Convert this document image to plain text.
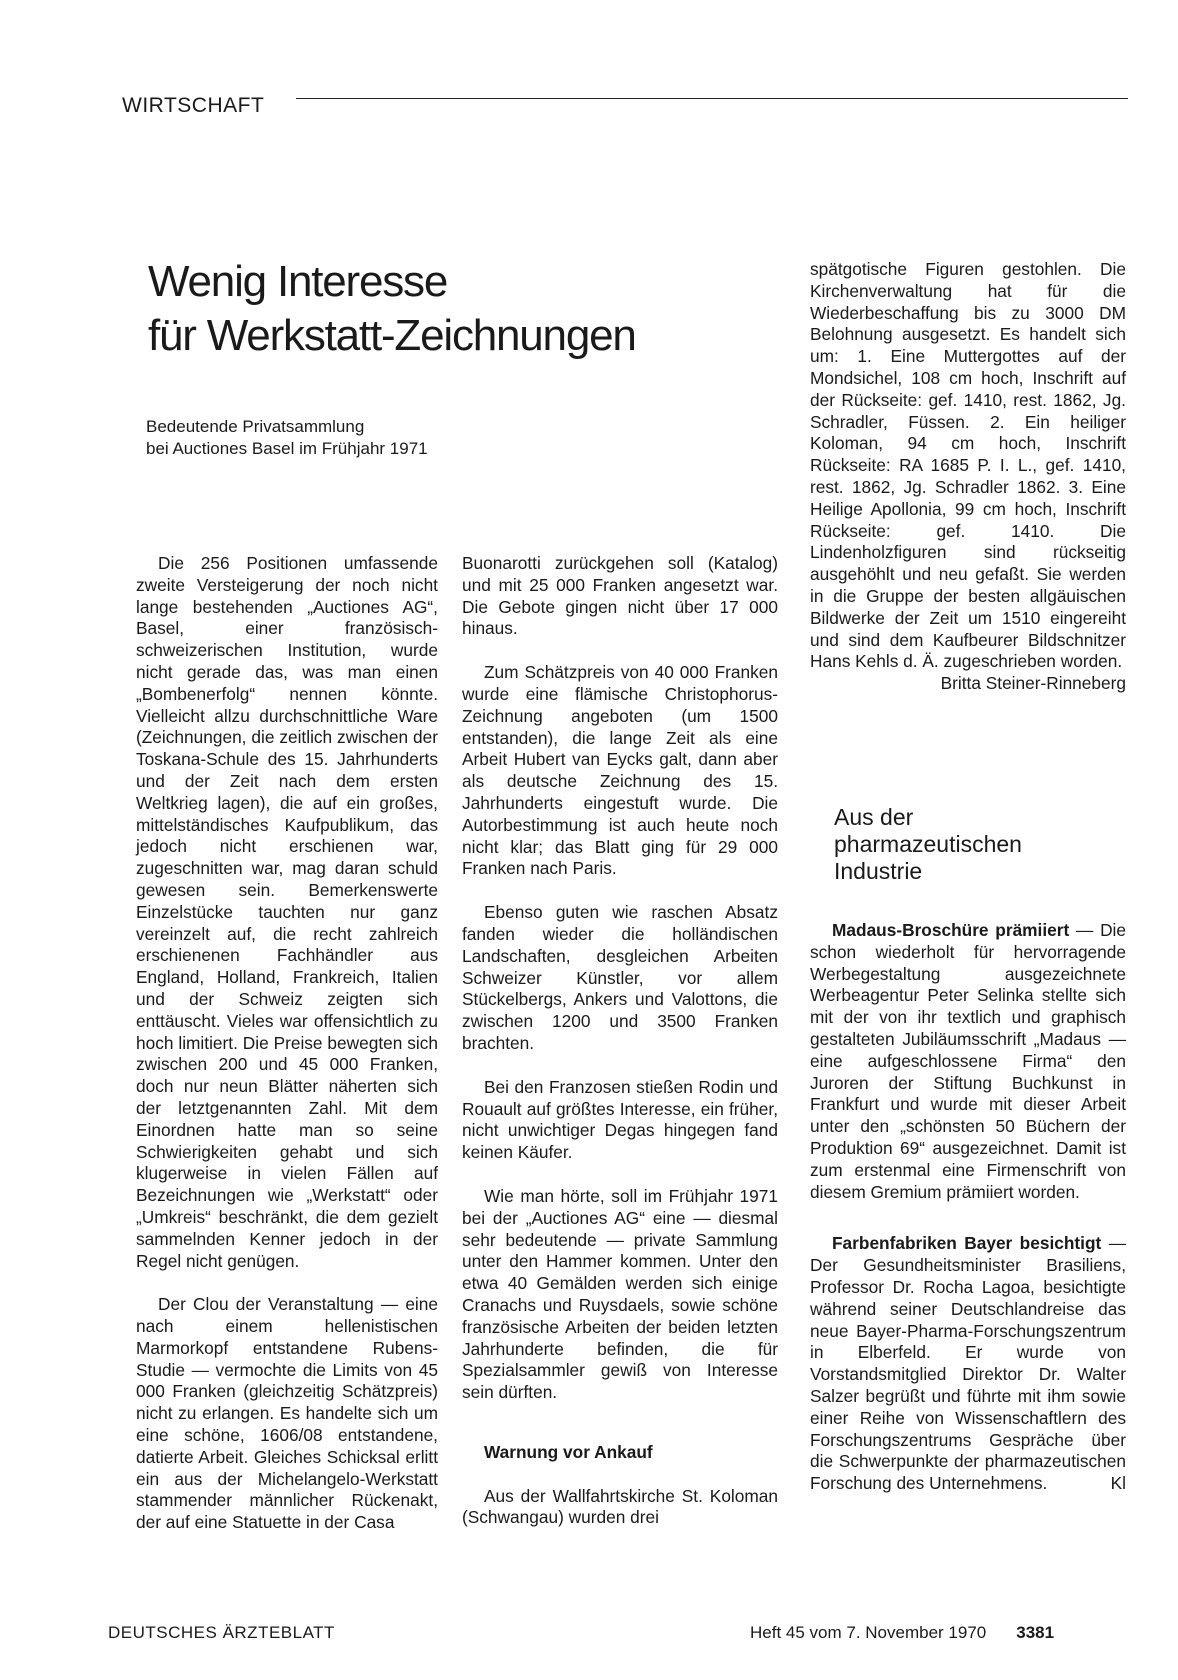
WIRTSCHAFT
Wenig Interesse
für Werkstatt-Zeichnungen
Bedeutende Privatsammlung
bei Auctiones Basel im Frühjahr 1971

Die 256 Positionen umfassende zweite Versteigerung der noch nicht lange bestehenden „Auctiones AG“, Basel, einer französisch-schweizerischen Institution, wurde nicht gerade das, was man einen „Bombenerfolg“ nennen könnte. Vielleicht allzu durchschnittliche Ware (Zeichnungen, die zeitlich zwischen der Toskana-Schule des 15. Jahrhunderts und der Zeit nach dem ersten Weltkrieg lagen), die auf ein großes, mittelständisches Kaufpublikum, das jedoch nicht erschienen war, zugeschnitten war, mag daran schuld gewesen sein. Bemerkenswerte Einzelstücke tauchten nur ganz vereinzelt auf, die recht zahlreich erschienenen Fachhändler aus England, Holland, Frankreich, Italien und der Schweiz zeigten sich enttäuscht. Vieles war offensichtlich zu hoch limitiert. Die Preise bewegten sich zwischen 200 und 45 000 Franken, doch nur neun Blätter näherten sich der letztgenannten Zahl. Mit dem Einordnen hatte man so seine Schwierigkeiten gehabt und sich klugerweise in vielen Fällen auf Bezeichnungen wie „Werkstatt“ oder „Umkreis“ beschränkt, die dem gezielt sammelnden Kenner jedoch in der Regel nicht genügen.

Der Clou der Veranstaltung — eine nach einem hellenistischen Marmorkopf entstandene Rubens-Studie — vermochte die Limits von 45 000 Franken (gleichzeitig Schätzpreis) nicht zu erlangen. Es handelte sich um eine schöne, 1606/08 entstandene, datierte Arbeit. Gleiches Schicksal erlitt ein aus der Michelangelo-Werkstatt stammender männlicher Rückenakt, der auf eine Statuette in der Casa

Buonarotti zurückgehen soll (Katalog) und mit 25 000 Franken angesetzt war. Die Gebote gingen nicht über 17 000 hinaus.

Zum Schätzpreis von 40 000 Franken wurde eine flämische Christophorus-Zeichnung angeboten (um 1500 entstanden), die lange Zeit als eine Arbeit Hubert van Eycks galt, dann aber als deutsche Zeichnung des 15. Jahrhunderts eingestuft wurde. Die Autorbestimmung ist auch heute noch nicht klar; das Blatt ging für 29 000 Franken nach Paris.

Ebenso guten wie raschen Absatz fanden wieder die holländischen Landschaften, desgleichen Arbeiten Schweizer Künstler, vor allem Stückelbergs, Ankers und Valottons, die zwischen 1200 und 3500 Franken brachten.

Bei den Franzosen stießen Rodin und Rouault auf größtes Interesse, ein früher, nicht unwichtiger Degas hingegen fand keinen Käufer.

Wie man hörte, soll im Frühjahr 1971 bei der „Auctiones AG“ eine — diesmal sehr bedeutende — private Sammlung unter den Hammer kommen. Unter den etwa 40 Gemälden werden sich einige Cranachs und Ruysdaels, sowie schöne französische Arbeiten der beiden letzten Jahrhunderte befinden, die für Spezialsammler gewiß von Interesse sein dürften.

Warnung vor Ankauf

Aus der Wallfahrtskirche St. Koloman (Schwangau) wurden drei

spätgotische Figuren gestohlen. Die Kirchenverwaltung hat für die Wiederbeschaffung bis zu 3000 DM Belohnung ausgesetzt. Es handelt sich um: 1. Eine Muttergottes auf der Mondsichel, 108 cm hoch, Inschrift auf der Rückseite: gef. 1410, rest. 1862, Jg. Schradler, Füssen. 2. Ein heiliger Koloman, 94 cm hoch, Inschrift Rückseite: RA 1685 P. I. L., gef. 1410, rest. 1862, Jg. Schradler 1862. 3. Eine Heilige Apollonia, 99 cm hoch, Inschrift Rückseite: gef. 1410. Die Lindenholzfiguren sind rückseitig ausgehöhlt und neu gefaßt. Sie werden in die Gruppe der besten allgäuischen Bildwerke der Zeit um 1510 eingereiht und sind dem Kaufbeurer Bildschnitzer Hans Kehls d. Ä. zugeschrieben worden.
Britta Steiner-Rinneberg

Aus der
pharmazeutischen
Industrie

Madaus-Broschüre prämiiert — Die schon wiederholt für hervorragende Werbegestaltung ausgezeichnete Werbeagentur Peter Selinka stellte sich mit der von ihr textlich und graphisch gestalteten Jubiläumsschrift „Madaus — eine aufgeschlossene Firma“ den Juroren der Stiftung Buchkunst in Frankfurt und wurde mit dieser Arbeit unter den „schönsten 50 Büchern der Produktion 69“ ausgezeichnet. Damit ist zum erstenmal eine Firmenschrift von diesem Gremium prämiiert worden.

Farbenfabriken Bayer besichtigt — Der Gesundheitsminister Brasiliens, Professor Dr. Rocha Lagoa, besichtigte während seiner Deutschlandreise das neue Bayer-Pharma-Forschungszentrum in Elberfeld. Er wurde von Vorstandsmitglied Direktor Dr. Walter Salzer begrüßt und führte mit ihm sowie einer Reihe von Wissenschaftlern des Forschungszentrums Gespräche über die Schwerpunkte der pharmazeutischen Forschung des Unternehmens.	Kl

DEUTSCHES ÄRZTEBLATT	Heft 45 vom 7. November 1970 3381
